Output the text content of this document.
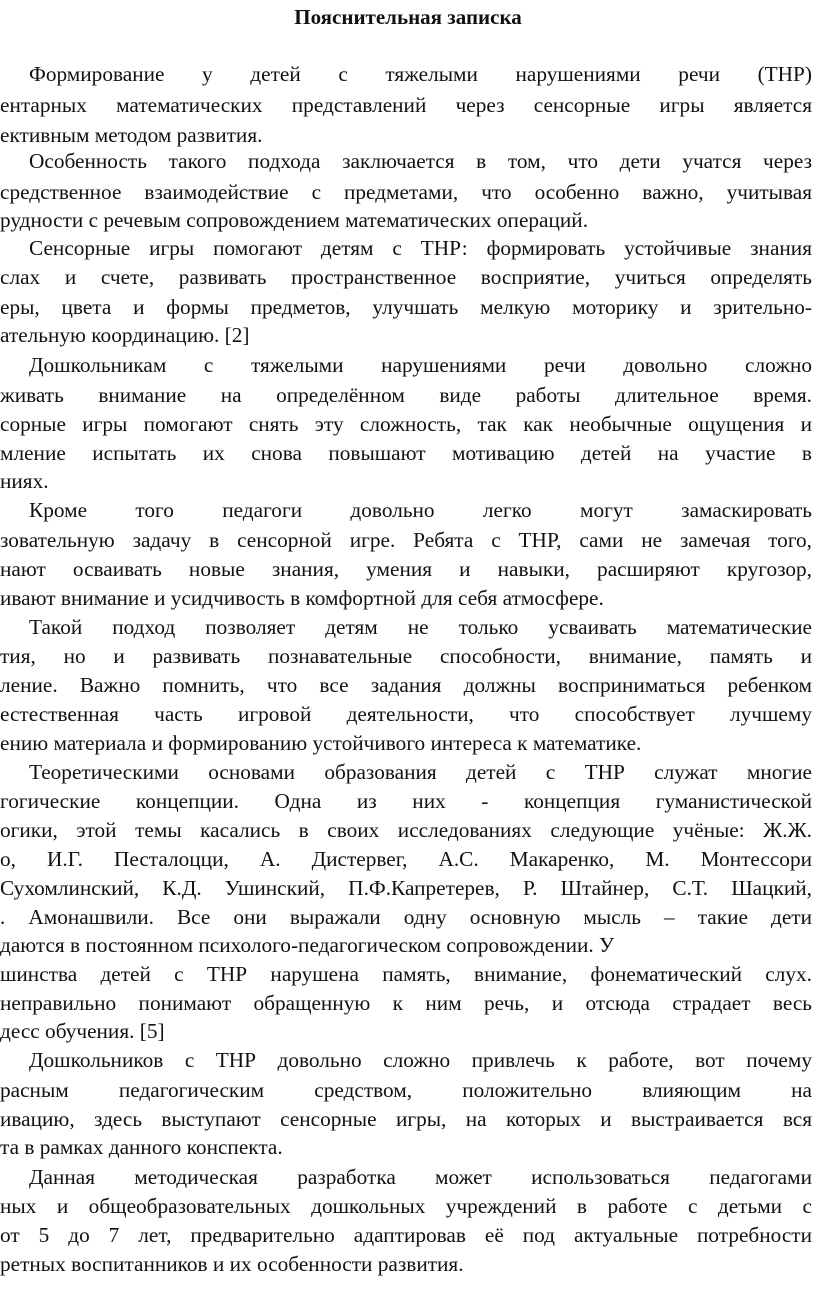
Пояснительная записка
Формирование у детей с тяжелыми нарушениями речи (ТНР)
ентарных математических представлений через сенсорные игры является
ективным методом развития.
Особенность такого подхода заключается в том, что дети учатся через
средственное взаимодействие с предметами, что особенно важно, учитывая
рудности с речевым сопровождением математических операций.
Сенсорные игры помогают детям с ТНР: формировать устойчивые знания
слах и счете, развивать пространственное восприятие, учиться определять
еры, цвета и формы предметов, улучшать мелкую моторику и зрительно-
ательную координацию. [2]
Дошкольникам с тяжелыми нарушениями речи довольно сложно
живать внимание на определённом виде работы длительное время.
сорные игры помогают снять эту сложность, так как необычные ощущения и
мление испытать их снова повышают мотивацию детей на участие в
ниях.
Кроме того педагоги довольно легко могут замаскировать
зовательную задачу в сенсорной игре. Ребята с ТНР, сами не замечая того,
нают осваивать новые знания, умения и навыки, расширяют кругозор,
ивают внимание и усидчивость в комфортной для себя атмосфере.
Такой подход позволяет детям не только усваивать математические
тия, но и развивать познавательные способности, внимание, память и
ление. Важно помнить, что все задания должны восприниматься ребенком
естественная часть игровой деятельности, что способствует лучшему
ению материала и формированию устойчивого интереса к математике.
Теоретическими основами образования детей с ТНР служат многие
гогические концепции. Одна из них - концепция гуманистической
огики, этой темы касались в своих исследованиях следующие учёные: Ж.Ж.
о, И.Г. Песталоцци, А. Дистервег, А.С. Макаренко, М. Монтессори
Сухомлинский, К.Д. Ушинский, П.Ф.Капретерев, Р. Штайнер, С.Т. Шацкий,
. Амонашвили. Все они выражали одну основную мысль – такие дети
даются в постоянном психолого-педагогическом сопровождении. У
шинства детей с ТНР нарушена память, внимание, фонематический слух.
неправильно понимают обращенную к ним речь, и отсюда страдает весь
десс обучения. [5]
Дошкольников с ТНР довольно сложно привлечь к работе, вот почему
расным педагогическим средством, положительно влияющим на
ивацию, здесь выступают сенсорные игры, на которых и выстраивается вся
та в рамках данного конспекта.
Данная методическая разработка может использоваться педагогами
ных и общеобразовательных дошкольных учреждений в работе с детьми с
от 5 до 7 лет, предварительно адаптировав её под актуальные потребности
ретных воспитанников и их особенности развития.
